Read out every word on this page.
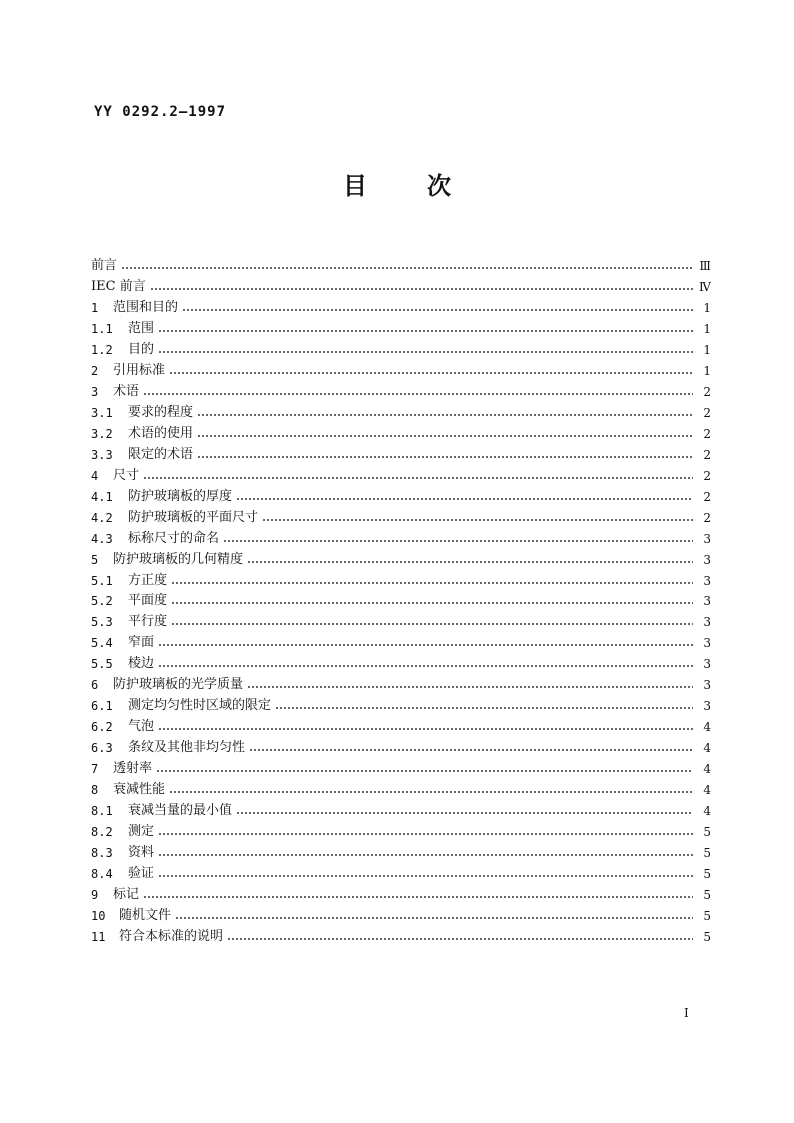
YY 0292.2—1997
目	次
前言	Ⅲ
IEC 前言	Ⅳ
1	范围和目的	1
1.1	范围	1
1.2	目的	1
2	引用标准	1
3	术语	2
3.1	要求的程度	2
3.2	术语的使用	2
3.3	限定的术语	2
4	尺寸	2
4.1	防护玻璃板的厚度	2
4.2	防护玻璃板的平面尺寸	2
4.3	标称尺寸的命名	3
5	防护玻璃板的几何精度	3
5.1	方正度	3
5.2	平面度	3
5.3	平行度	3
5.4	窄面	3
5.5	棱边	3
6	防护玻璃板的光学质量	3
6.1	测定均匀性时区域的限定	3
6.2	气泡	4
6.3	条纹及其他非均匀性	4
7	透射率	4
8	衰减性能	4
8.1	衰减当量的最小值	4
8.2	测定	5
8.3	资料	5
8.4	验证	5
9	标记	5
10	随机文件	5
11	符合本标准的说明	5
I
